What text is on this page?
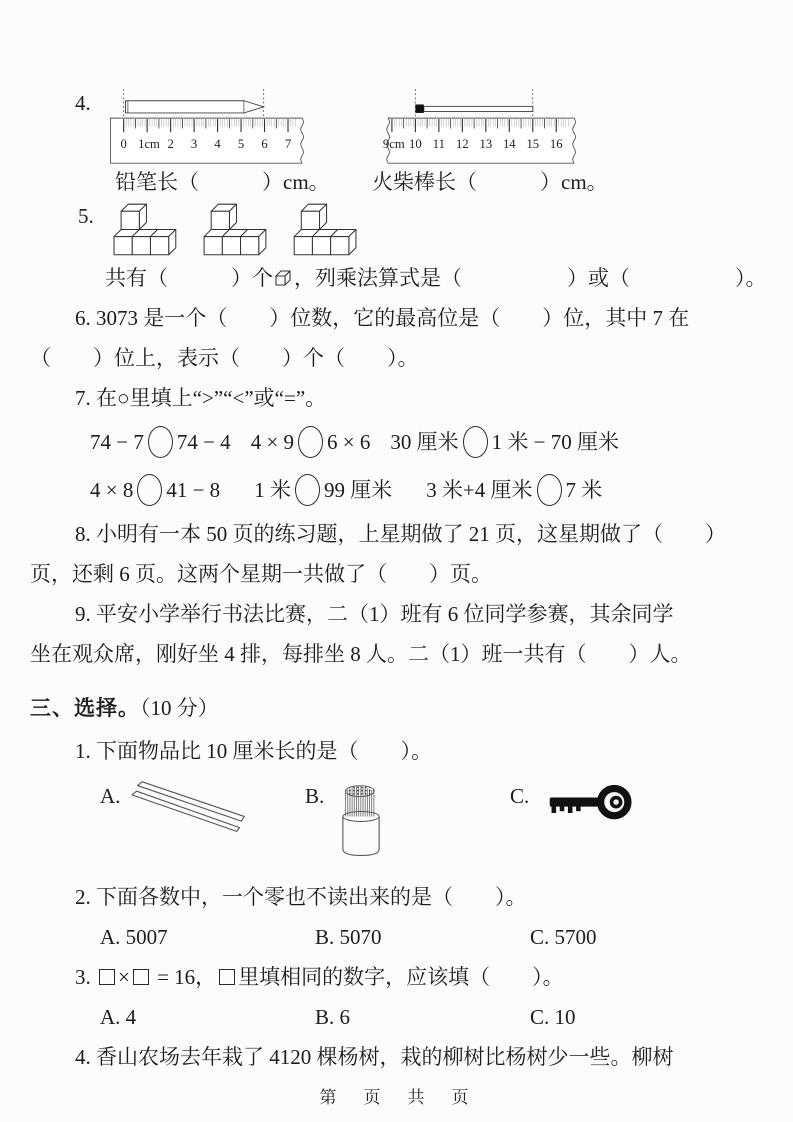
4.
0 1cm 2 3 4 5 6 7	9cm 10 11 12 13 14 15 16
铅笔长（　　　）cm。	火柴棒长（　　　）cm。
5.
共有（　　　）个 ，列乘法算式是（　　　　　）或（　　　　　）。
6. 3073 是一个（　　）位数，它的最高位是（　　）位，其中 7 在
（　　）位上，表示（　　）个（　　）。
7. 在○里填上“>”“<”或“=”。
74 − 7 74 − 4 4 × 9 6 × 6 30 厘米 1 米 − 70 厘米
4 × 8 41 − 8 1 米 99 厘米 3 米+4 厘米 7 米
8. 小明有一本 50 页的练习题，上星期做了 21 页，这星期做了（　　）
页，还剩 6 页。这两个星期一共做了（　　）页。
9. 平安小学举行书法比赛，二（1）班有 6 位同学参赛，其余同学
坐在观众席，刚好坐 4 排，每排坐 8 人。二（1）班一共有（　　）人。
三、选择。（10 分）
1. 下面物品比 10 厘米长的是（　　）。
A.	B.	C.
2. 下面各数中，一个零也不读出来的是（　　）。
A. 5007	B. 5070	C. 5700
3. × = 16， 里填相同的数字，应该填（　　）。
A. 4	B. 6	C. 10
4. 香山农场去年栽了 4120 棵杨树，栽的柳树比杨树少一些。柳树
第　页　共　页
